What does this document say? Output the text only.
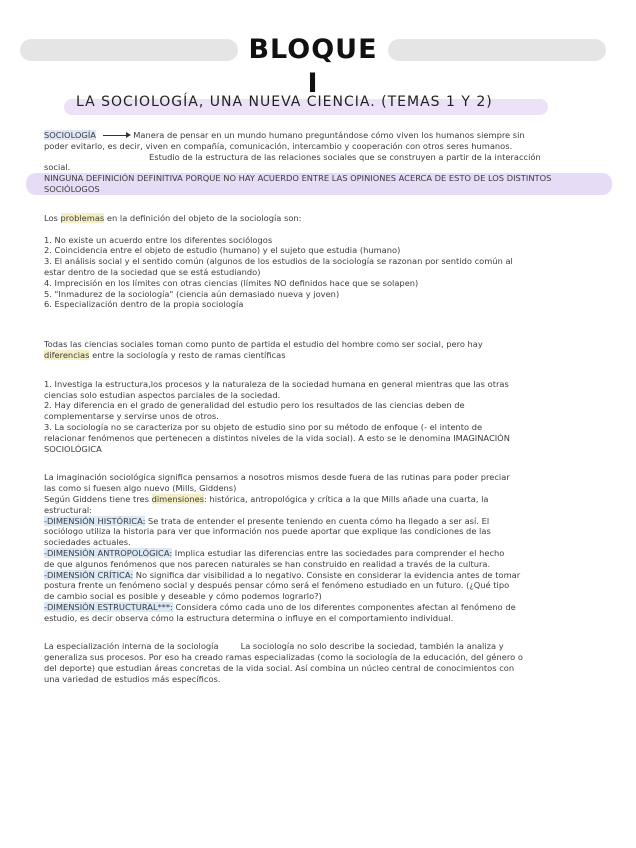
BLOQUE I
LA SOCIOLOGÍA, UNA NUEVA CIENCIA. (TEMAS 1 Y 2)
SOCIOLOGÍA	Manera de pensar en un mundo humano preguntándose cómo viven los humanos siempre sin
poder evitarlo, es decir, viven en compañía, comunicación, intercambio y cooperación con otros seres humanos.
Estudio de la estructura de las relaciones sociales que se construyen a partir de la interacción
social.
NINGUNA DEFINICIÓN DEFINITIVA PORQUE NO HAY ACUERDO ENTRE LAS OPINIONES ACERCA DE ESTO DE LOS DISTINTOS
SOCIÓLOGOS
Los problemas en la definición del objeto de la sociología son:
1. No existe un acuerdo entre los diferentes sociólogos
2. Coincidencia entre el objeto de estudio (humano) y el sujeto que estudia (humano)
3. El análisis social y el sentido común (algunos de los estudios de la sociología se razonan por sentido común al
estar dentro de la sociedad que se está estudiando)
4. Imprecisión en los límites con otras ciencias (límites NO definidos hace que se solapen)
5. "Inmadurez de la sociología" (ciencia aún demasiado nueva y joven)
6. Especialización dentro de la propia sociología
Todas las ciencias sociales toman como punto de partida el estudio del hombre como ser social, pero hay
diferencias entre la sociología y resto de ramas científicas
1. Investiga la estructura,los procesos y la naturaleza de la sociedad humana en general mientras que las otras
ciencias solo estudian aspectos parciales de la sociedad.
2. Hay diferencia en el grado de generalidad del estudio pero los resultados de las ciencias deben de
complementarse y servirse unos de otros.
3. La sociología no se caracteriza por su objeto de estudio sino por su método de enfoque (- el intento de
relacionar fenómenos que pertenecen a distintos niveles de la vida social). A esto se le denomina IMAGINACIÓN
SOCIOLÓGICA
La imaginación sociológica significa pensarnos a nosotros mismos desde fuera de las rutinas para poder preciar
las como si fuesen algo nuevo (Mills, Giddens)
Según Giddens tiene tres dimensiones: histórica, antropológica y crítica a la que Mills añade una cuarta, la
estructural:
-DIMENSIÓN HISTÓRICA: Se trata de entender el presente teniendo en cuenta cómo ha llegado a ser así. El
sociólogo utiliza la historia para ver que información nos puede aportar que explique las condiciones de las
sociedades actuales.
-DIMENSIÓN ANTROPOLÓGICA: Implica estudiar las diferencias entre las sociedades para comprender el hecho
de que algunos fenómenos que nos parecen naturales se han construido en realidad a través de la cultura.
-DIMENSIÓN CRÍTICA: No significa dar visibilidad a lo negativo. Consiste en considerar la evidencia antes de tomar
postura frente un fenómeno social y después pensar cómo será el fenómeno estudiado en un futuro. (¿Qué tipo
de cambio social es posible y deseable y cómo podemos lograrlo?)
-DIMENSIÓN ESTRUCTURAL***: Considera cómo cada uno de los diferentes componentes afectan al fenómeno de
estudio, es decir observa cómo la estructura determina o influye en el comportamiento individual.
La especialización interna de la sociología	La sociología no solo describe la sociedad, también la analiza y
generaliza sus procesos. Por eso ha creado ramas especializadas (como la sociología de la educación, del género o
del deporte) que estudian áreas concretas de la vida social. Así combina un núcleo central de conocimientos con
una variedad de estudios más específicos.
